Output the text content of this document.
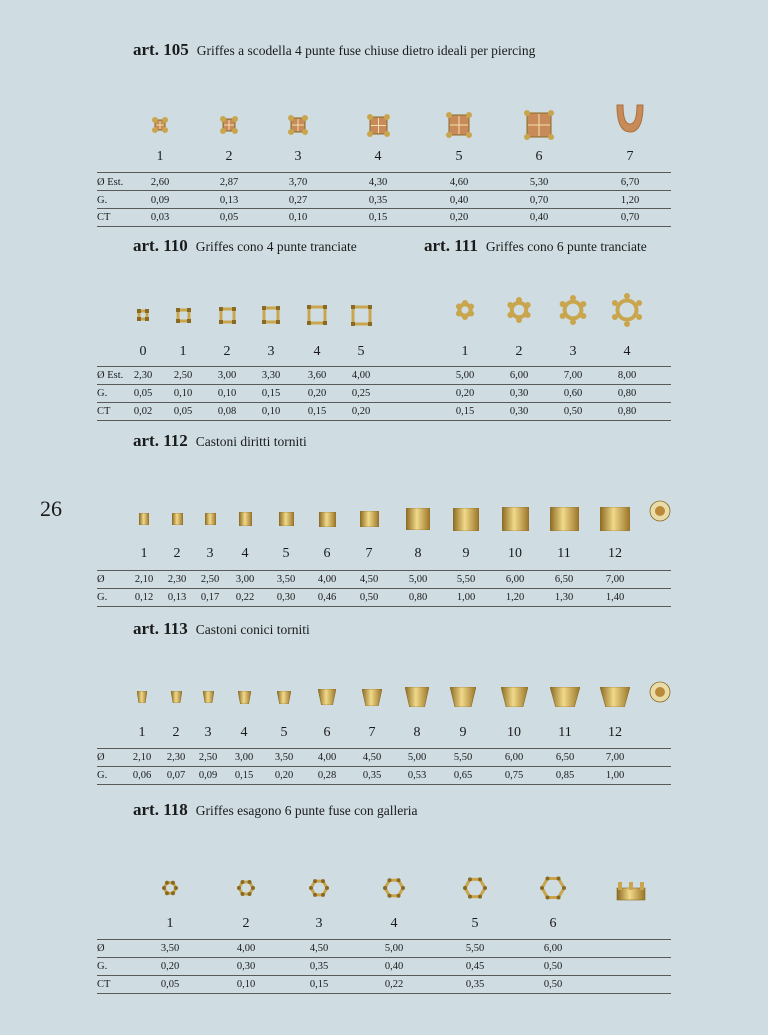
26
art. 105 Griffes a scodella 4 punte fuse chiuse dietro ideali per piercing
1
2,60
0,09
0,03
2
2,87
0,13
0,05
3
3,70
0,27
0,10
4
4,30
0,35
0,15
5
4,60
0,40
0,20
6
5,30
0,70
0,40
7
6,70
1,20
0,70
Ø Est.
G.
CT
art. 110 Griffes cono 4 punte tranciate	art. 111 Griffes cono 6 punte tranciate
0
2,30
0,05
0,02
1
2,50
0,10
0,05
2
3,00
0,10
0,08
3
3,30
0,15
0,10
4
3,60
0,20
0,15
5
4,00
0,25
0,20
Ø Est.
G.
CT
1
5,00
0,20
0,15
2
6,00
0,30
0,30
3
7,00
0,60
0,50
4
8,00
0,80
0,80
art. 112 Castoni diritti torniti
1
2,10
0,12
2
2,30
0,13
3
2,50
0,17
4
3,00
0,22
5
3,50
0,30
6
4,00
0,46
7
4,50
0,50
8
5,00
0,80
9
5,50
1,00
10
6,00
1,20
11
6,50
1,30
12
7,00
1,40
Ø
G.
art. 113 Castoni conici torniti
1
2,10
0,06
2
2,30
0,07
3
2,50
0,09
4
3,00
0,15
5
3,50
0,20
6
4,00
0,28
7
4,50
0,35
8
5,00
0,53
9
5,50
0,65
10
6,00
0,75
11
6,50
0,85
12
7,00
1,00
Ø
G.
art. 118 Griffes esagono 6 punte fuse con galleria
1
3,50
0,20
0,05
2
4,00
0,30
0,10
3
4,50
0,35
0,15
4
5,00
0,40
0,22
5
5,50
0,45
0,35
6
6,00
0,50
0,50
Ø
G.
CT
